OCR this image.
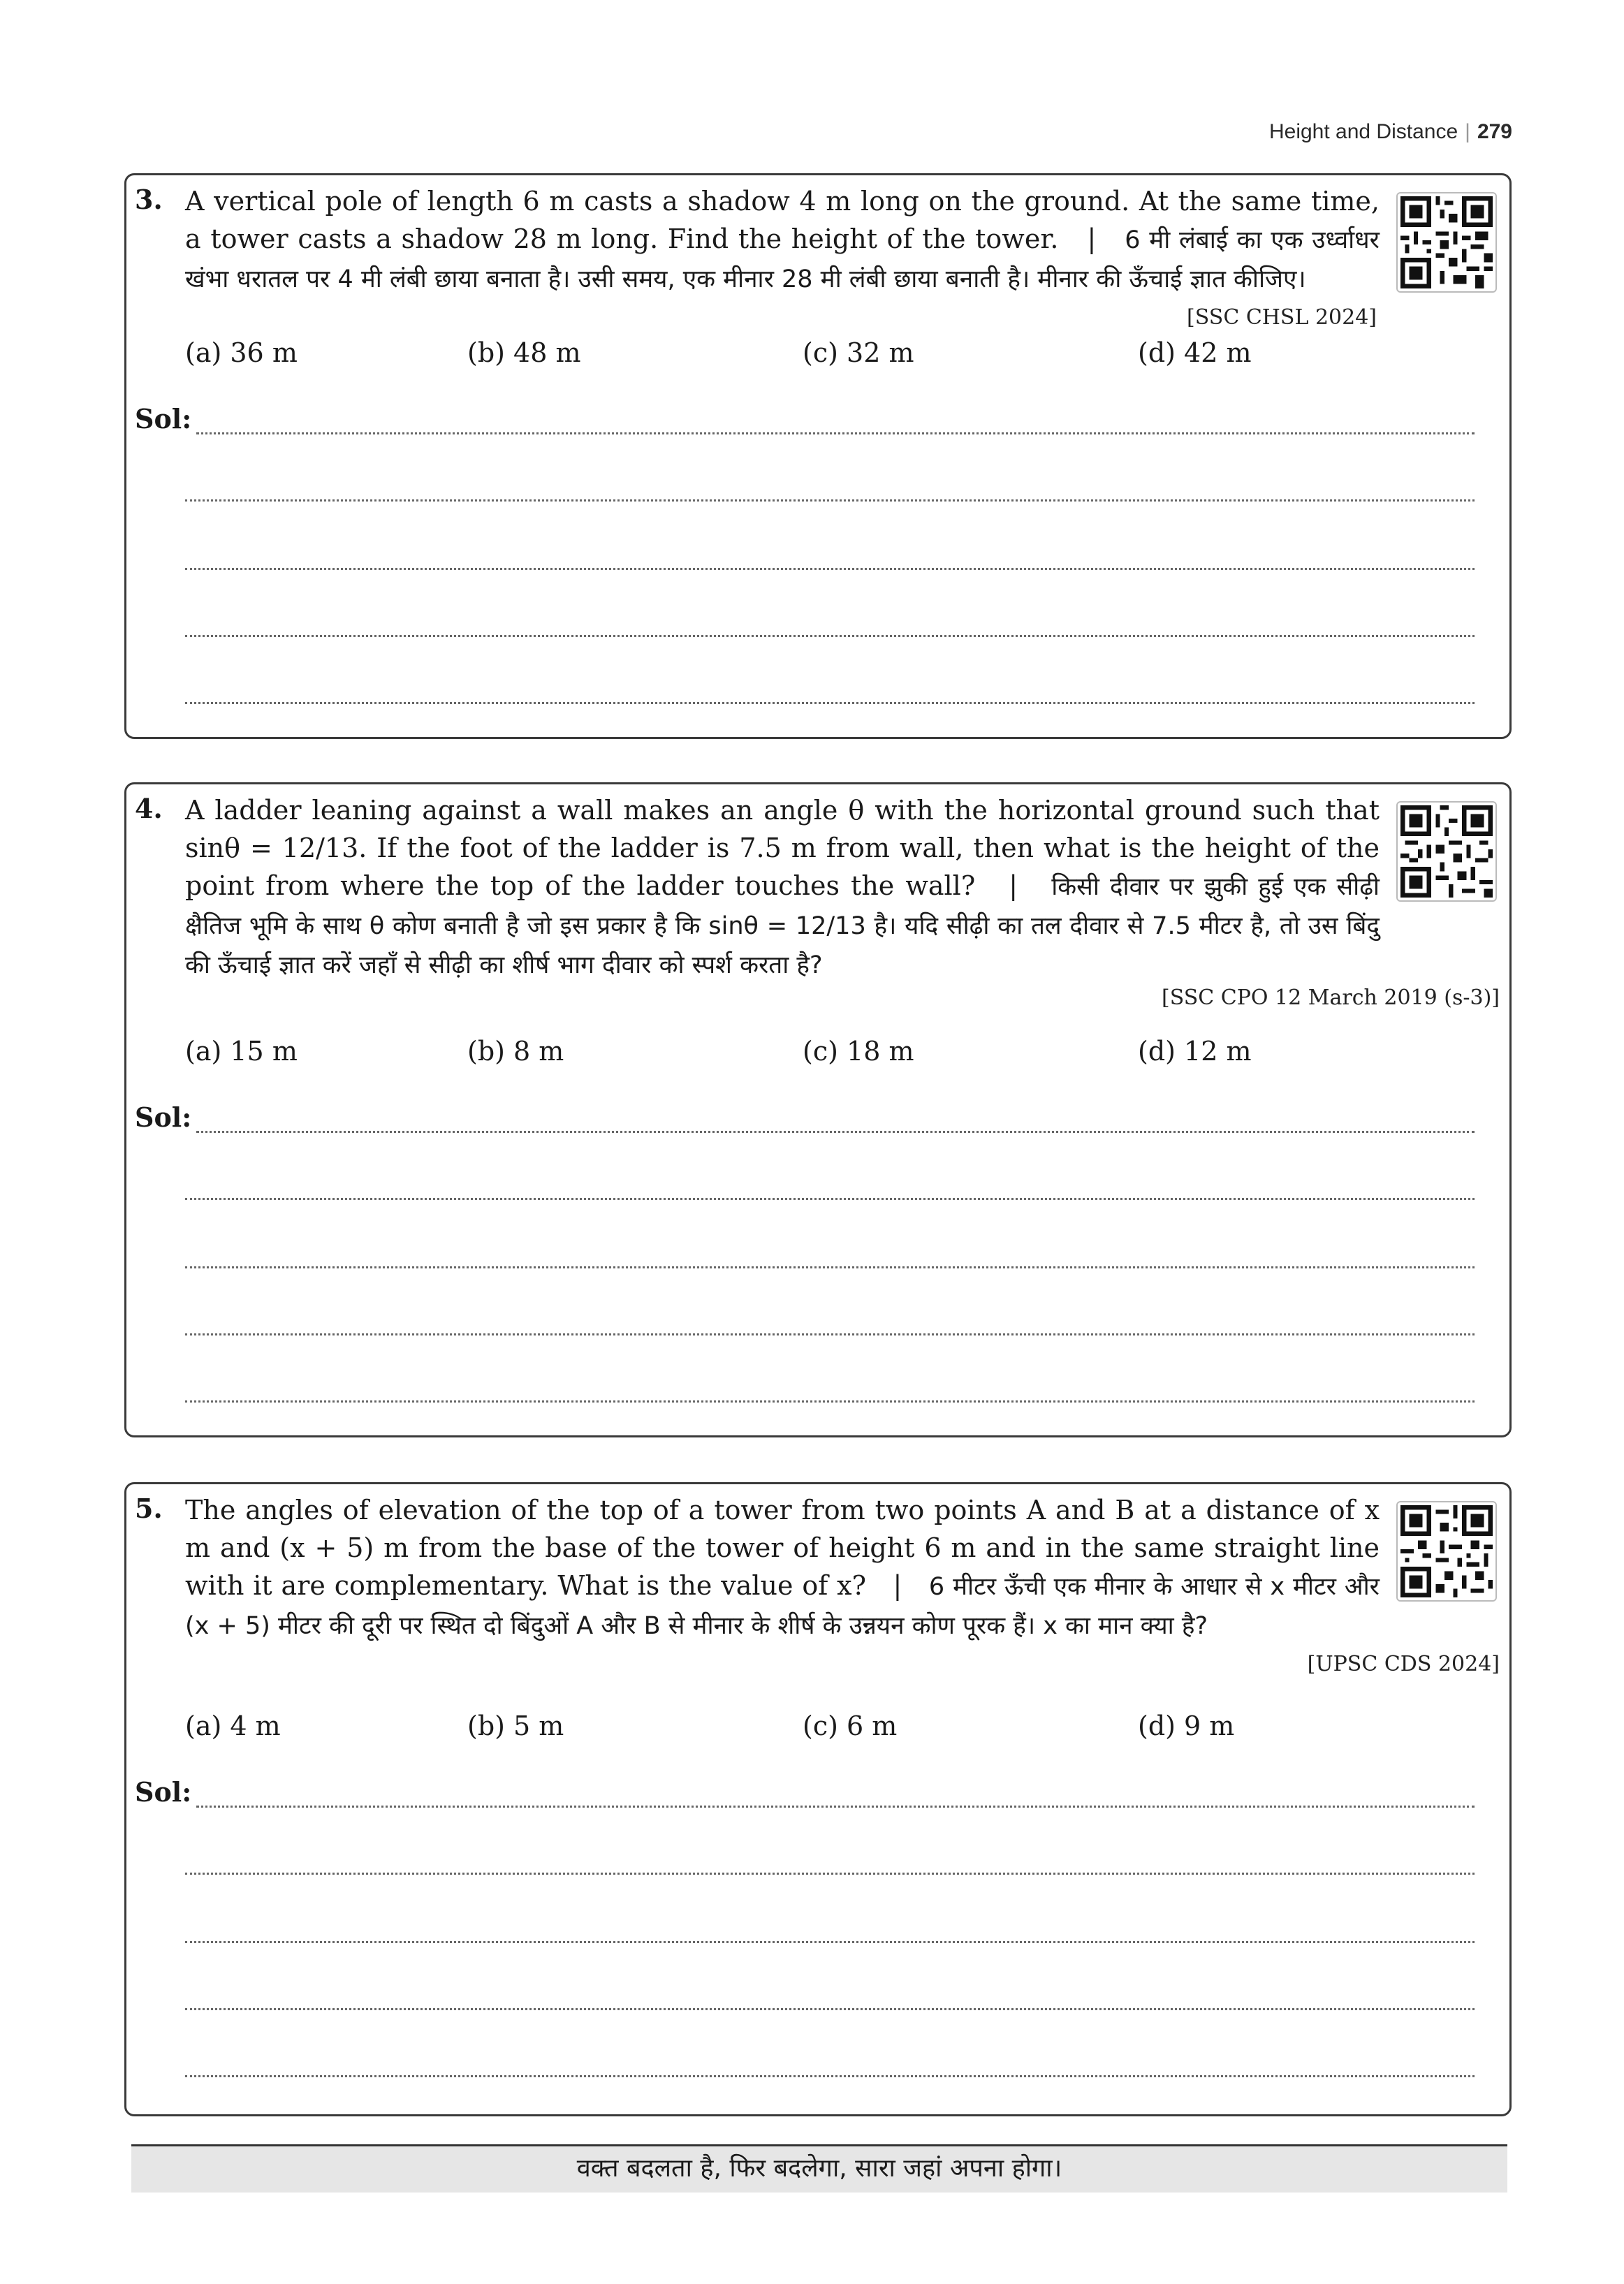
Height and Distance | 279
3. A vertical pole of length 6 m casts a shadow 4 m long on the ground. At the same time, a tower casts a shadow 28 m long. Find the height of the tower. | 6 मी लंबाई का एक उर्ध्वाधर खंभा धरातल पर 4 मी लंबी छाया बनाता है। उसी समय, एक मीनार 28 मी लंबी छाया बनाती है। मीनार की ऊँचाई ज्ञात कीजिए।
[SSC CHSL 2024]
(a) 36 m	(b) 48 m	(c) 32 m	(d) 42 m
Sol:
4. A ladder leaning against a wall makes an angle θ with the horizontal ground such that sinθ = 12/13. If the foot of the ladder is 7.5 m from wall, then what is the height of the point from where the top of the ladder touches the wall? | किसी दीवार पर झुकी हुई एक सीढ़ी क्षैतिज भूमि के साथ θ कोण बनाती है जो इस प्रकार है कि sinθ = 12/13 है। यदि सीढ़ी का तल दीवार से 7.5 मीटर है, तो उस बिंदु की ऊँचाई ज्ञात करें जहाँ से सीढ़ी का शीर्ष भाग दीवार को स्पर्श करता है?
[SSC CPO 12 March 2019 (s-3)]
(a) 15 m	(b) 8 m	(c) 18 m	(d) 12 m
Sol:
5. The angles of elevation of the top of a tower from two points A and B at a distance of x m and (x + 5) m from the base of the tower of height 6 m and in the same straight line with it are complementary. What is the value of x? | 6 मीटर ऊँची एक मीनार के आधार से x मीटर और (x + 5) मीटर की दूरी पर स्थित दो बिंदुओं A और B से मीनार के शीर्ष के उन्नयन कोण पूरक हैं। x का मान क्या है?
[UPSC CDS 2024]
(a) 4 m	(b) 5 m	(c) 6 m	(d) 9 m
Sol:
वक्त बदलता है, फिर बदलेगा, सारा जहां अपना होगा।
